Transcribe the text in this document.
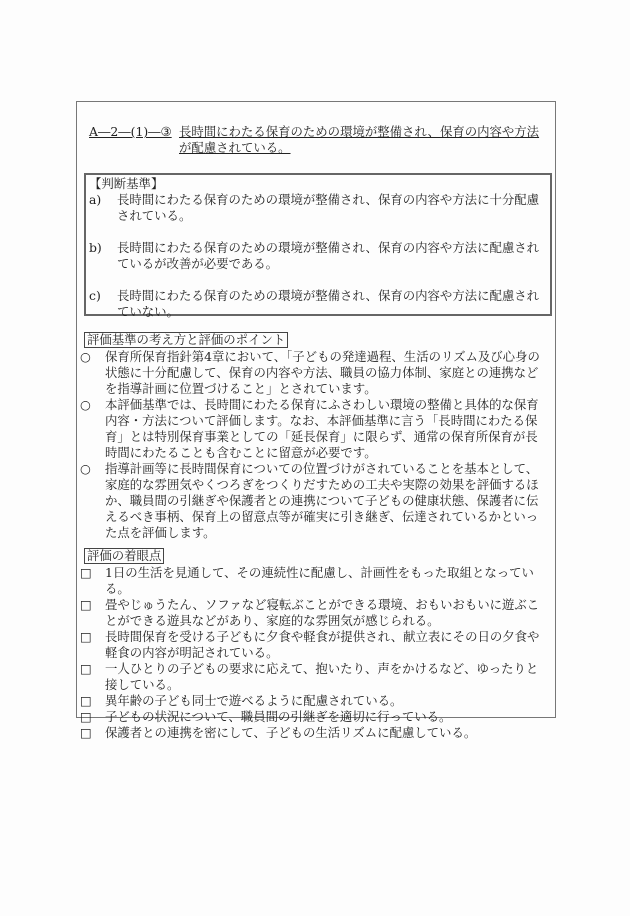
A―2―(1)―③ 長時間にわたる保育のための環境が整備され、保育の内容や方法が配慮されている。
【判断基準】
a)	長時間にわたる保育のための環境が整備され、保育の内容や方法に十分配慮されている。
b)	長時間にわたる保育のための環境が整備され、保育の内容や方法に配慮されているが改善が必要である。
c)	長時間にわたる保育のための環境が整備され、保育の内容や方法に配慮されていない。
評価基準の考え方と評価のポイント
○	保育所保育指針第4章において、「子どもの発達過程、生活のリズム及び心身の状態に十分配慮して、保育の内容や方法、職員の協力体制、家庭との連携などを指導計画に位置づけること」とされています。
○	本評価基準では、長時間にわたる保育にふさわしい環境の整備と具体的な保育内容・方法について評価します。なお、本評価基準に言う「長時間にわたる保育」とは特別保育事業としての「延長保育」に限らず、通常の保育所保育が長時間にわたることも含むことに留意が必要です。
○	指導計画等に長時間保育についての位置づけがされていることを基本として、家庭的な雰囲気やくつろぎをつくりだすための工夫や実際の効果を評価するほか、職員間の引継ぎや保護者との連携について子どもの健康状態、保護者に伝えるべき事柄、保育上の留意点等が確実に引き継ぎ、伝達されているかといった点を評価します。
評価の着眼点
□	1日の生活を見通して、その連続性に配慮し、計画性をもった取組となっている。
□	畳やじゅうたん、ソファなど寝転ぶことができる環境、おもいおもいに遊ぶことができる遊具などがあり、家庭的な雰囲気が感じられる。
□	長時間保育を受ける子どもに夕食や軽食が提供され、献立表にその日の夕食や軽食の内容が明記されている。
□	一人ひとりの子どもの要求に応えて、抱いたり、声をかけるなど、ゆったりと接している。
□	異年齢の子ども同士で遊べるように配慮されている。
□	子どもの状況について、職員間の引継ぎを適切に行っている。
□	保護者との連携を密にして、子どもの生活リズムに配慮している。
